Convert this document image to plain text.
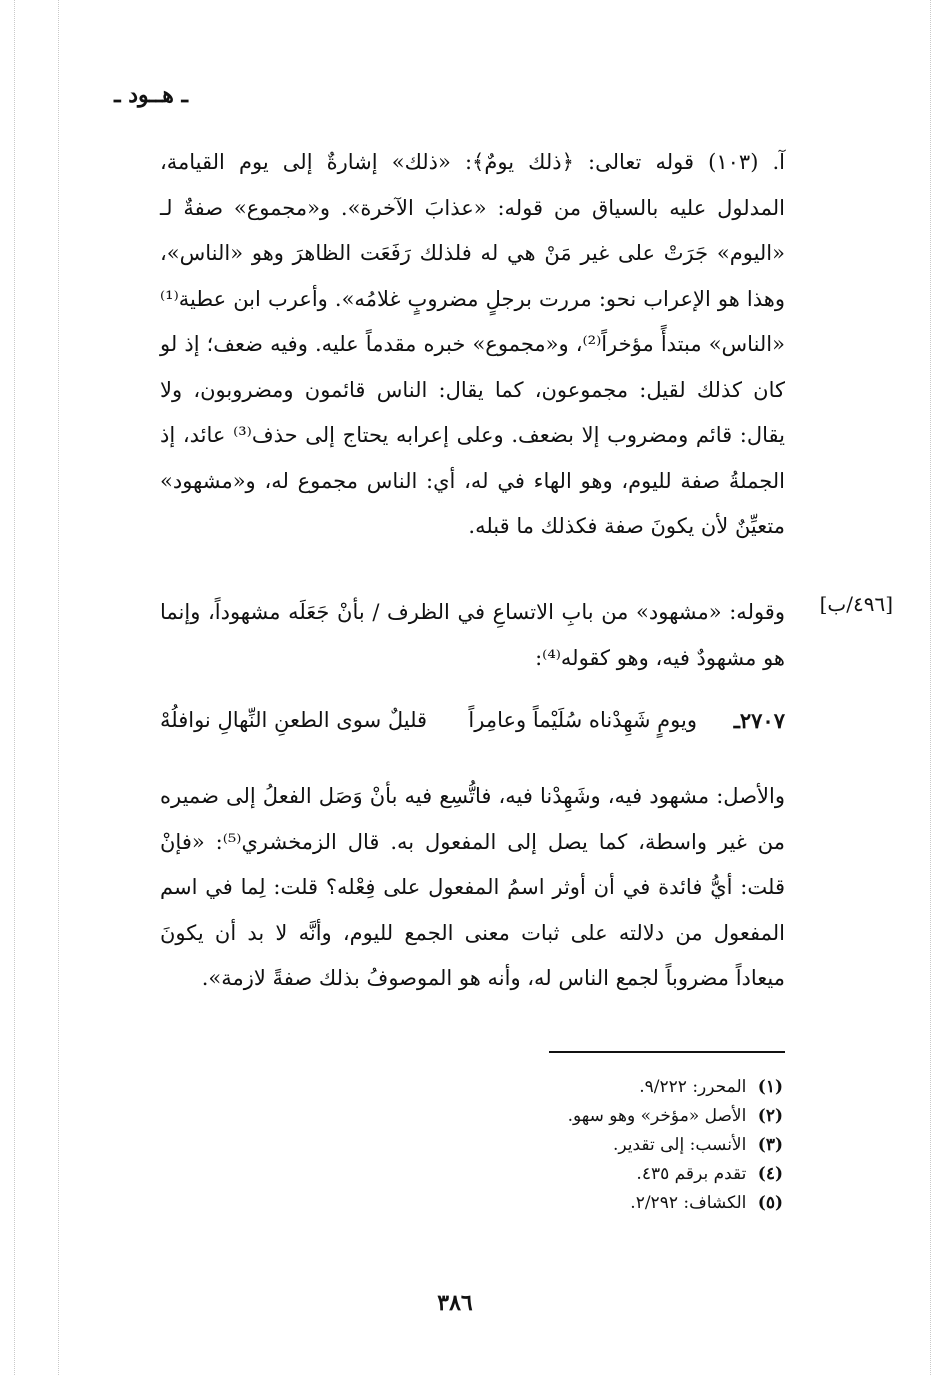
ـ هــود ـ
آ. (١٠٣) قوله تعالى: ﴿ذلك يومٌ﴾: «ذلك» إشارةٌ إلى يوم القيامة، المدلول عليه بالسياق من قوله: «عذابَ الآخرة». و«مجموع» صفةٌ لـ «اليوم» جَرَتْ على غير مَنْ هي له فلذلك رَفَعَت الظاهرَ وهو «الناس»، وهذا هو الإعراب نحو: مررت برجلٍ مضروبٍ غلامُه». وأعرب ابن عطية⁽¹⁾ «الناس» مبتدأً مؤخراً⁽²⁾، و«مجموع» خبره مقدماً عليه. وفيه ضعف؛ إذ لو كان كذلك لقيل: مجموعون، كما يقال: الناس قائمون ومضروبون، ولا يقال: قائم ومضروب إلا بضعف. وعلى إعرابه يحتاج إلى حذف⁽³⁾ عائد، إذ الجملةُ صفة لليوم، وهو الهاء في له، أي: الناس مجموع له، و«مشهود» متعيِّنٌ لأن يكونَ صفة فكذلك ما قبله.
[٤٩٦/ب]
وقوله: «مشهود» من بابِ الاتساعِ في الظرف / بأنْ جَعَلَه مشهوداً، وإنما هو مشهودٌ فيه، وهو كقوله⁽⁴⁾:
٢٧٠٧ـ
ويومٍ شَهِدْناه سُلَيْماً وعامِراً
قليلٌ سوى الطعنِ النِّهالِ نوافلُهْ
والأصل: مشهود فيه، وشَهِدْنا فيه، فاتُّسِع فيه بأنْ وَصَل الفعلُ إلى ضميره من غير واسطة، كما يصل إلى المفعول به. قال الزمخشري⁽⁵⁾: «فإنْ قلت: أيُّ فائدة في أن أوثر اسمُ المفعول على فِعْله؟ قلت: لِما في اسم المفعول من دلالته على ثبات معنى الجمع لليوم، وأنَّه لا بد أن يكونَ ميعاداً مضروباً لجمع الناس له، وأنه هو الموصوفُ بذلك صفةً لازمة».
(١) المحرر: ٩/٢٢٢.
(٢) الأصل «مؤخر» وهو سهو.
(٣) الأنسب: إلى تقدير.
(٤) تقدم برقم ٤٣٥.
(٥) الكشاف: ٢/٢٩٢.
٣٨٦
